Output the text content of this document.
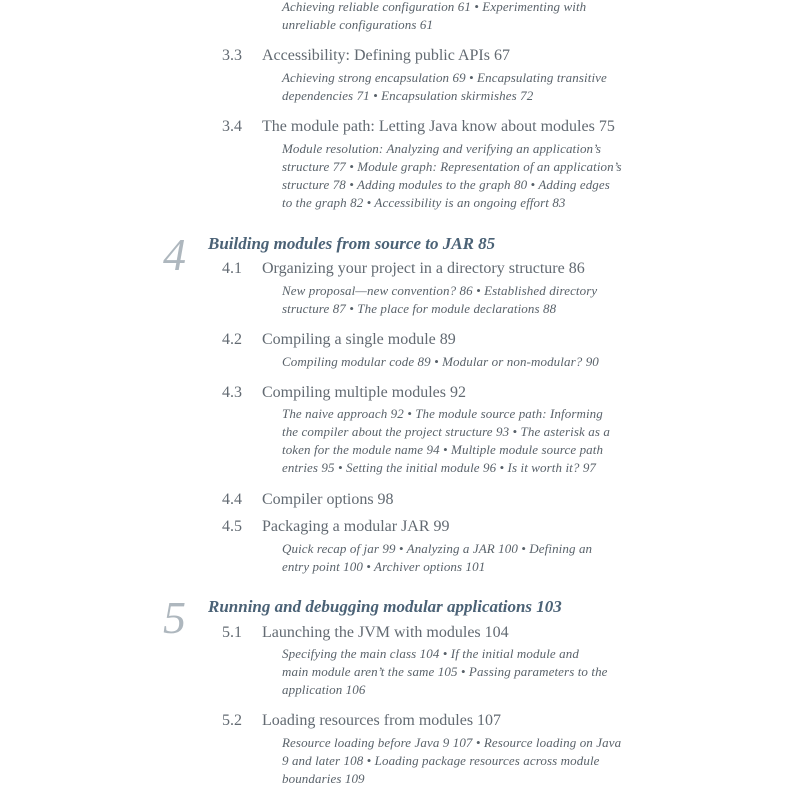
Achieving reliable configuration 61 • Experimenting with
unreliable configurations 61
3.3 Accessibility: Defining public APIs 67
Achieving strong encapsulation 69 • Encapsulating transitive
dependencies 71 • Encapsulation skirmishes 72
3.4 The module path: Letting Java know about modules 75
Module resolution: Analyzing and verifying an application’s
structure 77 • Module graph: Representation of an application’s
structure 78 • Adding modules to the graph 80 • Adding edges
to the graph 82 • Accessibility is an ongoing effort 83
4 Building modules from source to JAR 85
4.1 Organizing your project in a directory structure 86
New proposal—new convention? 86 • Established directory
structure 87 • The place for module declarations 88
4.2 Compiling a single module 89
Compiling modular code 89 • Modular or non-modular? 90
4.3 Compiling multiple modules 92
The naive approach 92 • The module source path: Informing
the compiler about the project structure 93 • The asterisk as a
token for the module name 94 • Multiple module source path
entries 95 • Setting the initial module 96 • Is it worth it? 97
4.4 Compiler options 98
4.5 Packaging a modular JAR 99
Quick recap of jar 99 • Analyzing a JAR 100 • Defining an
entry point 100 • Archiver options 101
5 Running and debugging modular applications 103
5.1 Launching the JVM with modules 104
Specifying the main class 104 • If the initial module and
main module aren’t the same 105 • Passing parameters to the
application 106
5.2 Loading resources from modules 107
Resource loading before Java 9 107 • Resource loading on Java
9 and later 108 • Loading package resources across module
boundaries 109
